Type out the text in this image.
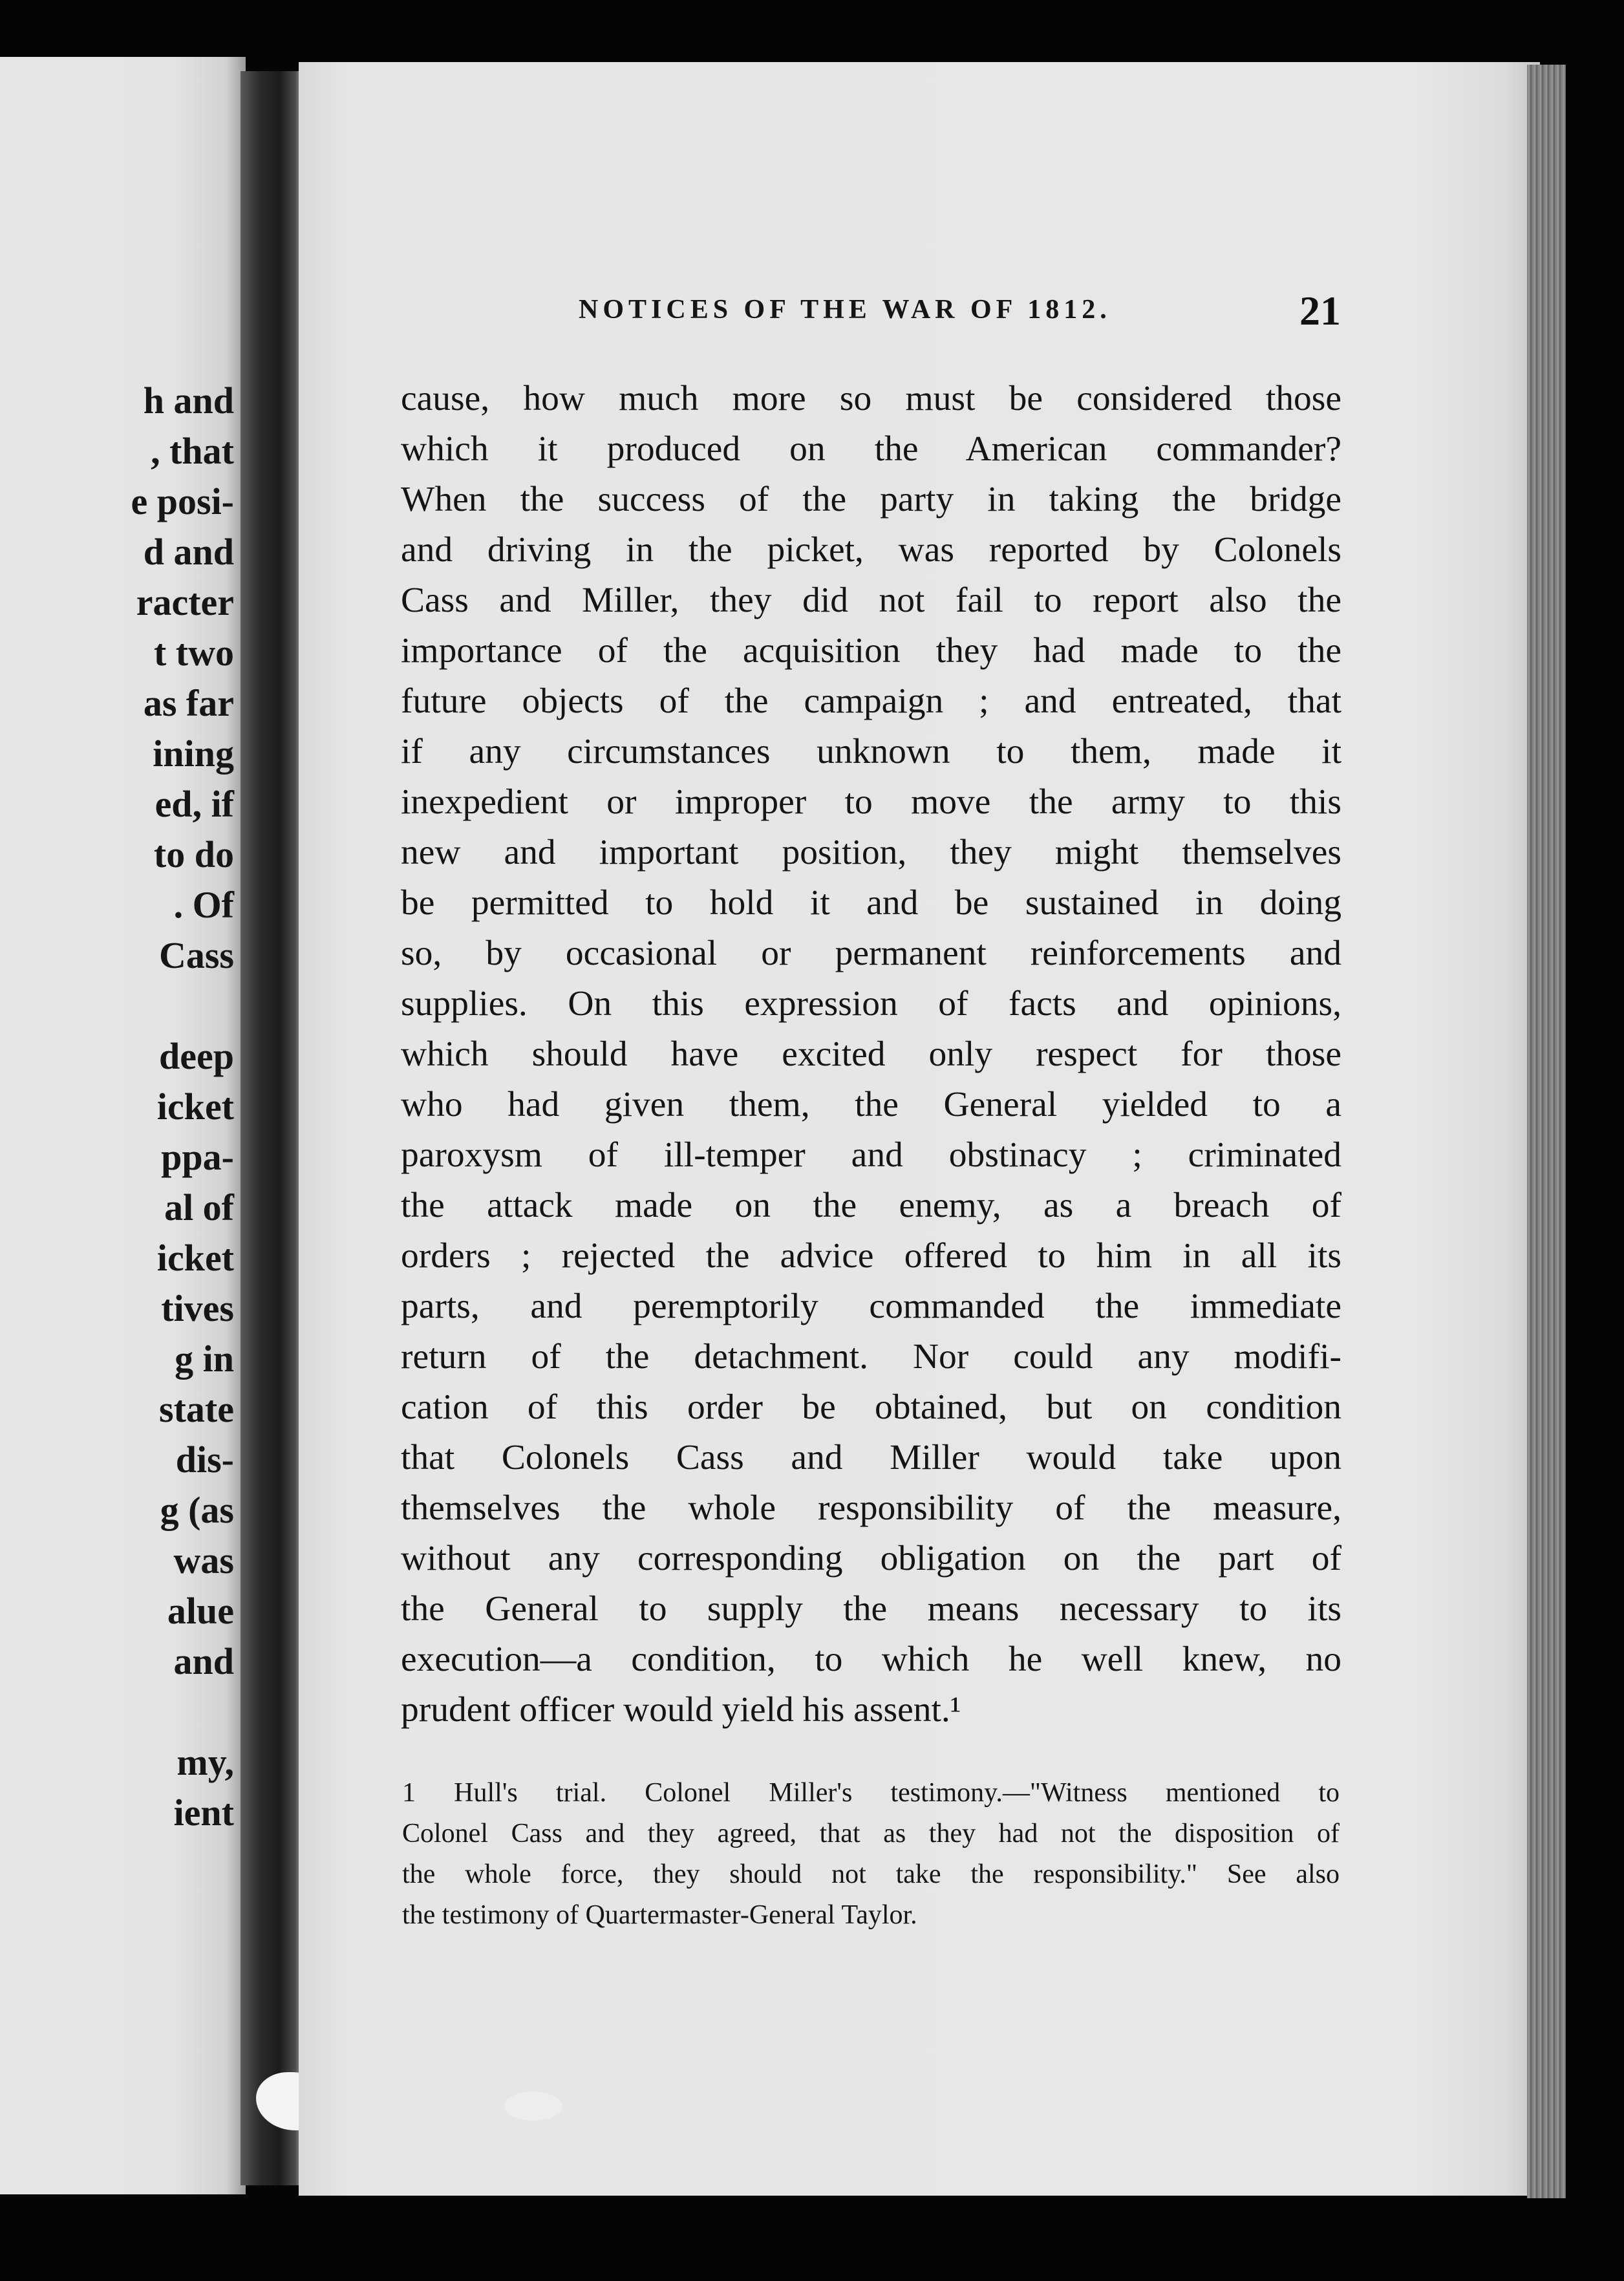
h and
, that
e posi-
d and
racter
t two
as far
ining
ed, if
to do
. Of
Cass
deep
icket
ppa-
al of
icket
tives
g in
state
dis-
g (as
was
alue
and
my,
ient
NOTICES OF THE WAR OF 1812.	21
cause, how much more so must be considered those
which it produced on the American commander?
When the success of the party in taking the bridge
and driving in the picket, was reported by Colonels
Cass and Miller, they did not fail to report also the
importance of the acquisition they had made to the
future objects of the campaign ; and entreated, that
if any circumstances unknown to them, made it
inexpedient or improper to move the army to this
new and important position, they might themselves
be permitted to hold it and be sustained in doing
so, by occasional or permanent reinforcements and
supplies. On this expression of facts and opinions,
which should have excited only respect for those
who had given them, the General yielded to a
paroxysm of ill-temper and obstinacy ; criminated
the attack made on the enemy, as a breach of
orders ; rejected the advice offered to him in all its
parts, and peremptorily commanded the immediate
return of the detachment. Nor could any modifi-
cation of this order be obtained, but on condition
that Colonels Cass and Miller would take upon
themselves the whole responsibility of the measure,
without any corresponding obligation on the part of
the General to supply the means necessary to its
execution—a condition, to which he well knew, no
prudent officer would yield his assent.¹
1 Hull's trial. Colonel Miller's testimony.—"Witness mentioned to
Colonel Cass and they agreed, that as they had not the disposition of
the whole force, they should not take the responsibility." See also
the testimony of Quartermaster-General Taylor.
